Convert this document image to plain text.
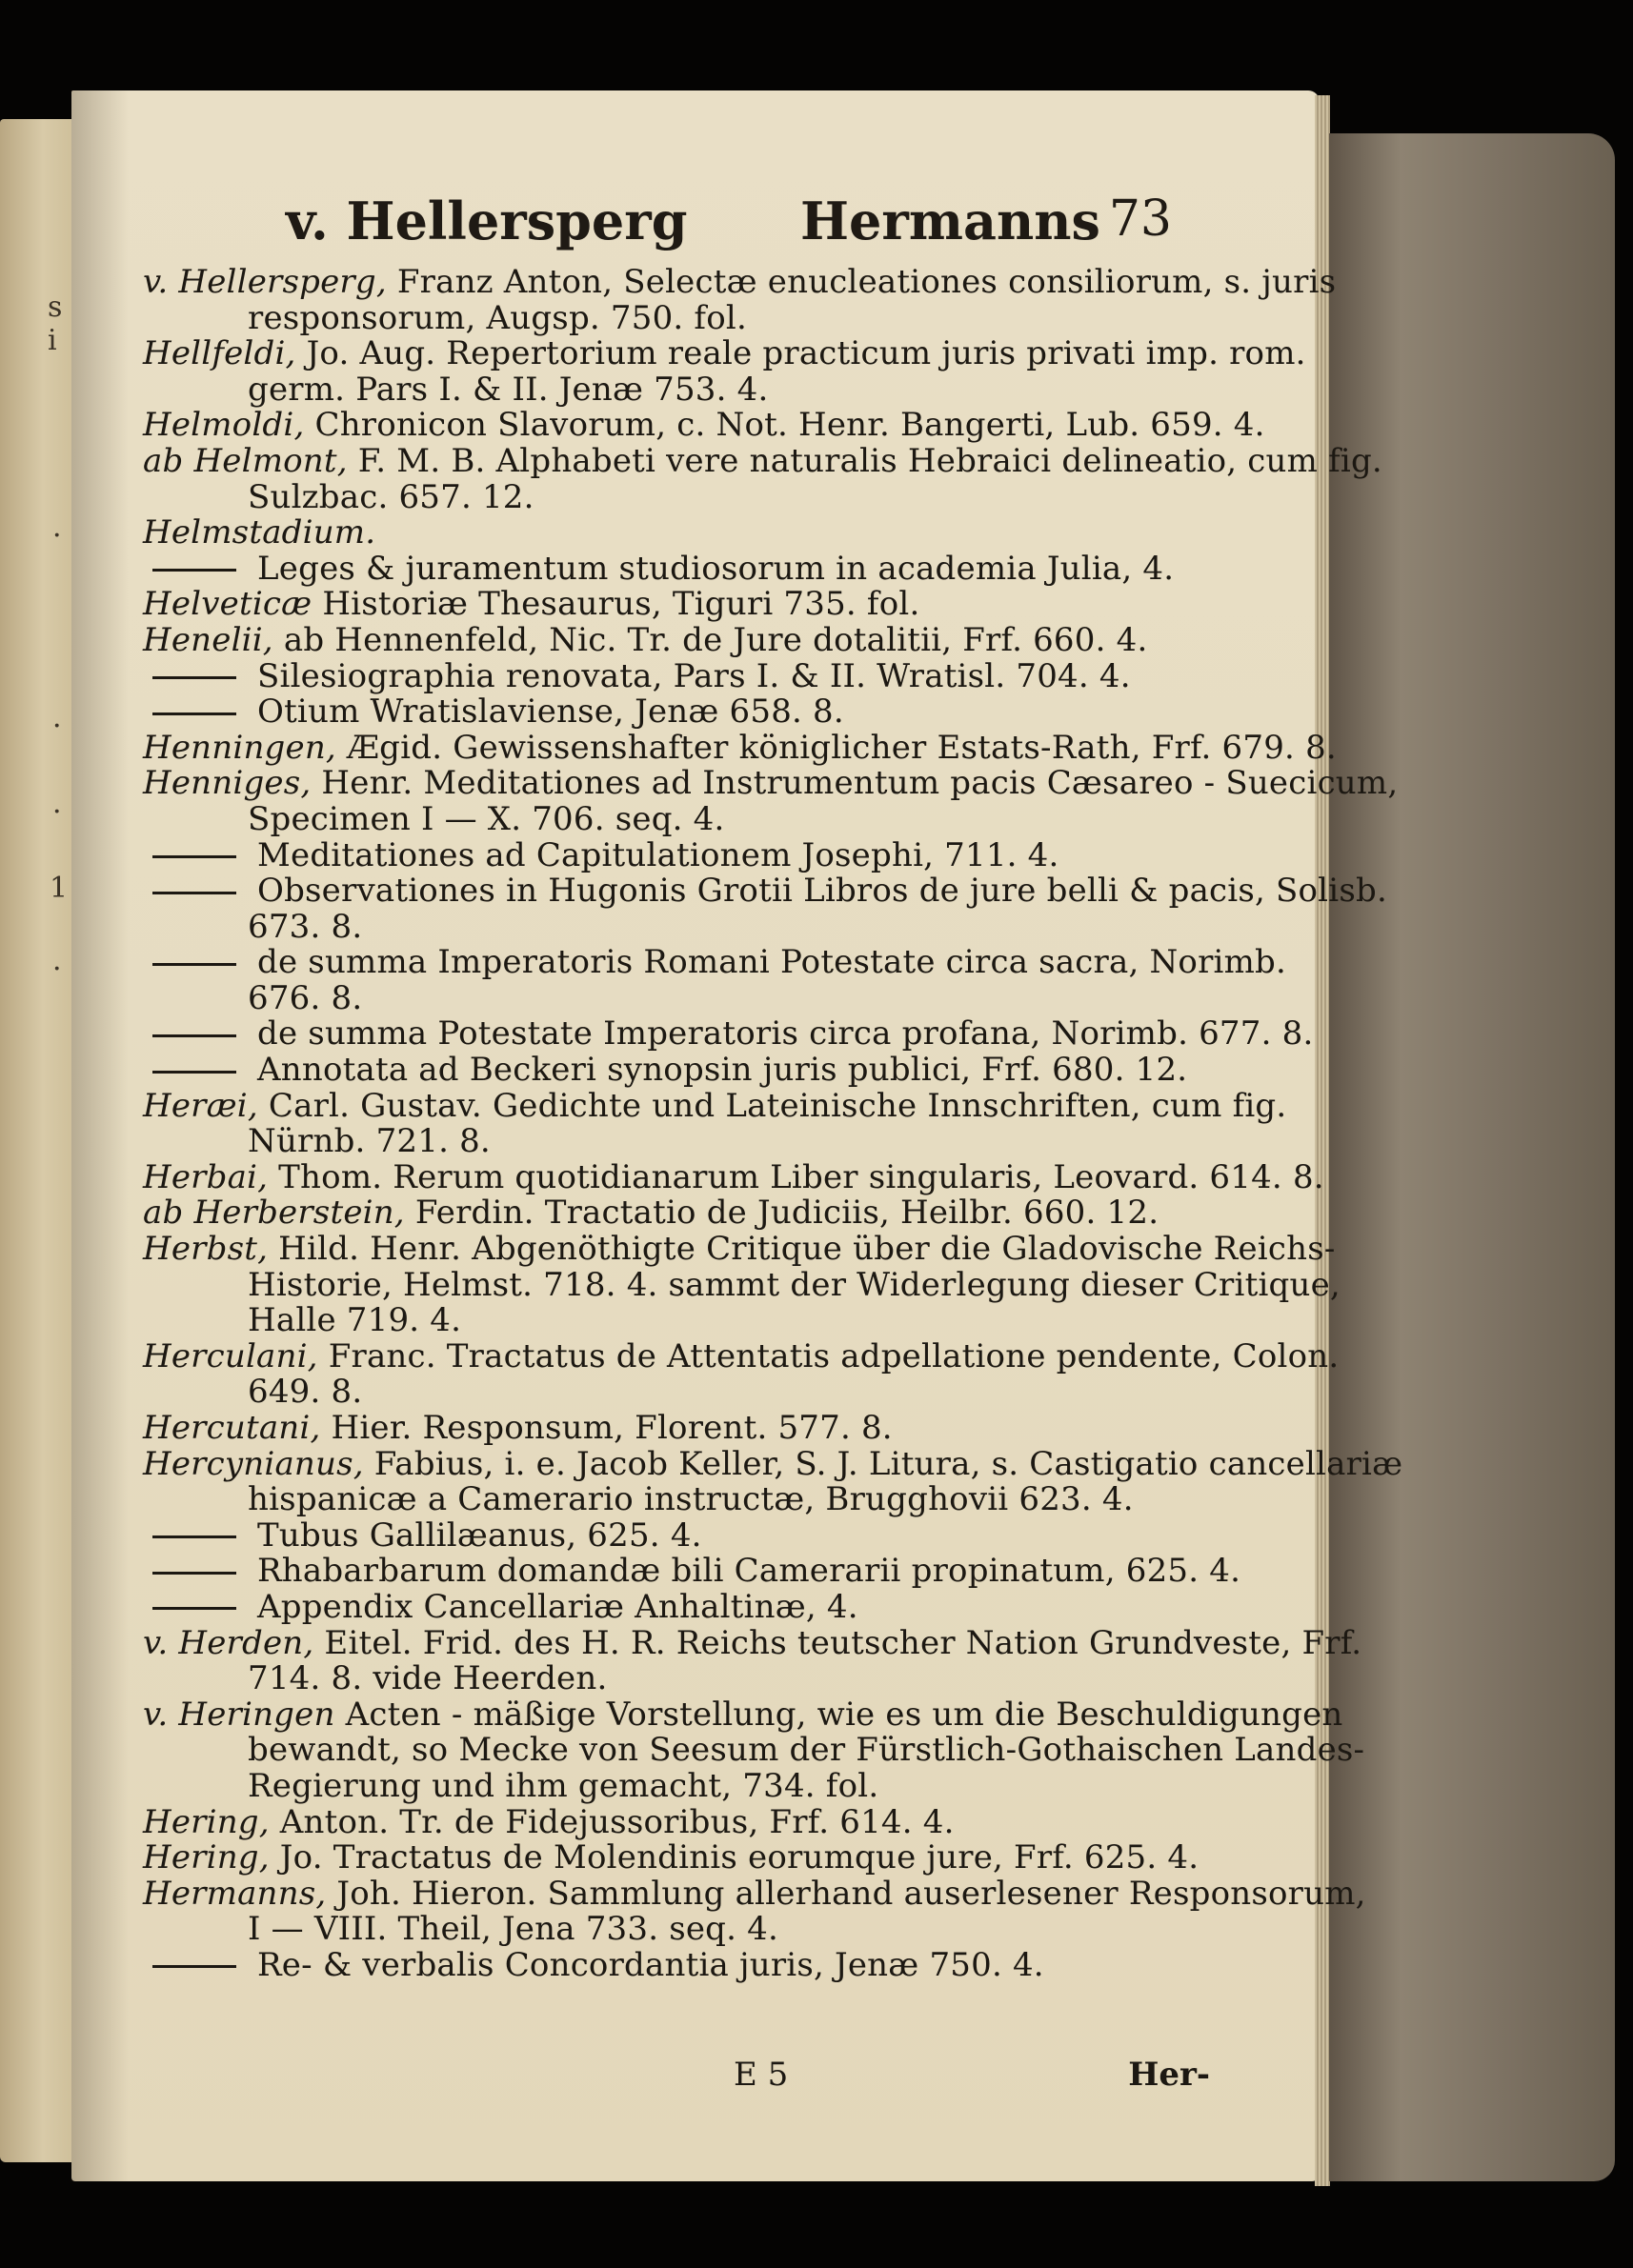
s
i
·
·
·
1
·
v. Hellersperg Hermanns 73
v. Hellersperg, Franz Anton, Selectæ enucleationes consiliorum, s. juris
responsorum, Augsp. 750. fol.
Hellfeldi, Jo. Aug. Repertorium reale practicum juris privati imp. rom.
germ. Pars I. & II. Jenæ 753. 4.
Helmoldi, Chronicon Slavorum, c. Not. Henr. Bangerti, Lub. 659. 4.
ab Helmont, F. M. B. Alphabeti vere naturalis Hebraici delineatio, cum fig.
Sulzbac. 657. 12.
Helmstadium.
Leges & juramentum studiosorum in academia Julia, 4.
Helveticæ Historiæ Thesaurus, Tiguri 735. fol.
Henelii, ab Hennenfeld, Nic. Tr. de Jure dotalitii, Frf. 660. 4.
Silesiographia renovata, Pars I. & II. Wratisl. 704. 4.
Otium Wratislaviense, Jenæ 658. 8.
Henningen, Ægid. Gewissenshafter königlicher Estats-Rath, Frf. 679. 8.
Henniges, Henr. Meditationes ad Instrumentum pacis Cæsareo - Suecicum,
Specimen I — X. 706. seq. 4.
Meditationes ad Capitulationem Josephi, 711. 4.
Observationes in Hugonis Grotii Libros de jure belli & pacis, Solisb.
673. 8.
de summa Imperatoris Romani Potestate circa sacra, Norimb.
676. 8.
de summa Potestate Imperatoris circa profana, Norimb. 677. 8.
Annotata ad Beckeri synopsin juris publici, Frf. 680. 12.
Heræi, Carl. Gustav. Gedichte und Lateinische Innschriften, cum fig.
Nürnb. 721. 8.
Herbai, Thom. Rerum quotidianarum Liber singularis, Leovard. 614. 8.
ab Herberstein, Ferdin. Tractatio de Judiciis, Heilbr. 660. 12.
Herbst, Hild. Henr. Abgenöthigte Critique über die Gladovische Reichs-
Historie, Helmst. 718. 4. sammt der Widerlegung dieser Critique,
Halle 719. 4.
Herculani, Franc. Tractatus de Attentatis adpellatione pendente, Colon.
649. 8.
Hercutani, Hier. Responsum, Florent. 577. 8.
Hercynianus, Fabius, i. e. Jacob Keller, S. J. Litura, s. Castigatio cancellariæ
hispanicæ a Camerario instructæ, Brugghovii 623. 4.
Tubus Gallilæanus, 625. 4.
Rhabarbarum domandæ bili Camerarii propinatum, 625. 4.
Appendix Cancellariæ Anhaltinæ, 4.
v. Herden, Eitel. Frid. des H. R. Reichs teutscher Nation Grundveste, Frf.
714. 8. vide Heerden.
v. Heringen Acten - mäßige Vorstellung, wie es um die Beschuldigungen
bewandt, so Mecke von Seesum der Fürstlich-Gothaischen Landes-
Regierung und ihm gemacht, 734. fol.
Hering, Anton. Tr. de Fidejussoribus, Frf. 614. 4.
Hering, Jo. Tractatus de Molendinis eorumque jure, Frf. 625. 4.
Hermanns, Joh. Hieron. Sammlung allerhand auserlesener Responsorum,
I — VIII. Theil, Jena 733. seq. 4.
Re- & verbalis Concordantia juris, Jenæ 750. 4.
E 5	Her-
